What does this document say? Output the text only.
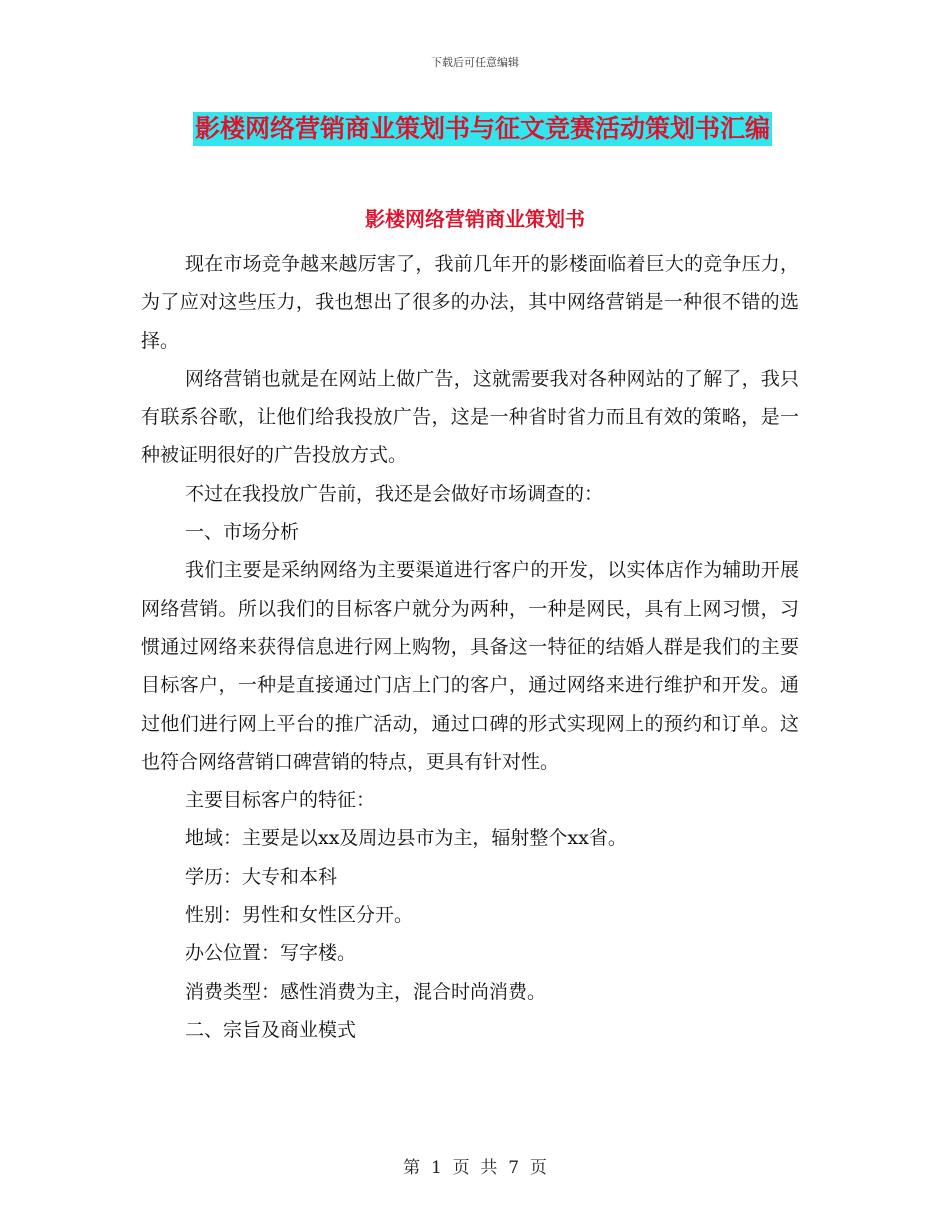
下载后可任意编辑
影楼网络营销商业策划书与征文竞赛活动策划书汇编
影楼网络营销商业策划书

现在市场竞争越来越厉害了，我前几年开的影楼面临着巨大的竞争压力，为了应对这些压力，我也想出了很多的办法，其中网络营销是一种很不错的选择。

网络营销也就是在网站上做广告，这就需要我对各种网站的了解了，我只有联系谷歌，让他们给我投放广告，这是一种省时省力而且有效的策略，是一种被证明很好的广告投放方式。

不过在我投放广告前，我还是会做好市场调查的：

一、市场分析

我们主要是采纳网络为主要渠道进行客户的开发，以实体店作为辅助开展网络营销。所以我们的目标客户就分为两种，一种是网民，具有上网习惯，习惯通过网络来获得信息进行网上购物，具备这一特征的结婚人群是我们的主要目标客户，一种是直接通过门店上门的客户，通过网络来进行维护和开发。通过他们进行网上平台的推广活动，通过口碑的形式实现网上的预约和订单。这也符合网络营销口碑营销的特点，更具有针对性。

主要目标客户的特征：

地域：主要是以xx及周边县市为主，辐射整个xx省。

学历：大专和本科

性别：男性和女性区分开。

办公位置：写字楼。

消费类型：感性消费为主，混合时尚消费。

二、宗旨及商业模式

第  1  页  共  7  页
